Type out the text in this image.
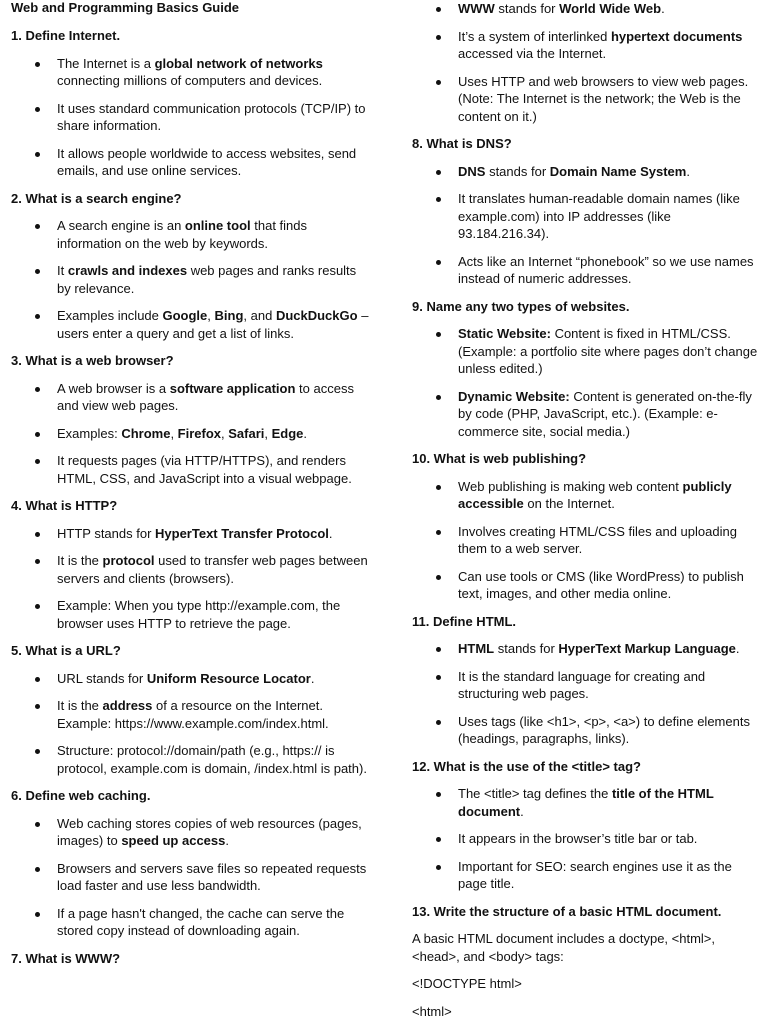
Web and Programming Basics Guide

1. Define Internet.

The Internet is a global network of networks connecting millions of computers and devices.
It uses standard communication protocols (TCP/IP) to share information.
It allows people worldwide to access websites, send emails, and use online services.

2. What is a search engine?

A search engine is an online tool that finds information on the web by keywords.
It crawls and indexes web pages and ranks results by relevance.
Examples include Google, Bing, and DuckDuckGo – users enter a query and get a list of links.

3. What is a web browser?

A web browser is a software application to access and view web pages.
Examples: Chrome, Firefox, Safari, Edge.
It requests pages (via HTTP/HTTPS), and renders HTML, CSS, and JavaScript into a visual webpage.

4. What is HTTP?

HTTP stands for HyperText Transfer Protocol.
It is the protocol used to transfer web pages between servers and clients (browsers).
Example: When you type http://example.com, the browser uses HTTP to retrieve the page.

5. What is a URL?

URL stands for Uniform Resource Locator.
It is the address of a resource on the Internet. Example: https://www.example.com/index.html.
Structure: protocol://domain/path (e.g., https:// is protocol, example.com is domain, /index.html is path).

6. Define web caching.

Web caching stores copies of web resources (pages, images) to speed up access.
Browsers and servers save files so repeated requests load faster and use less bandwidth.
If a page hasn't changed, the cache can serve the stored copy instead of downloading again.

7. What is WWW?

WWW stands for World Wide Web.
It’s a system of interlinked hypertext documents accessed via the Internet.
Uses HTTP and web browsers to view web pages. (Note: The Internet is the network; the Web is the content on it.)

8. What is DNS?

DNS stands for Domain Name System.
It translates human-readable domain names (like example.com) into IP addresses (like 93.184.216.34).
Acts like an Internet “phonebook” so we use names instead of numeric addresses.

9. Name any two types of websites.

Static Website: Content is fixed in HTML/CSS. (Example: a portfolio site where pages don’t change unless edited.)
Dynamic Website: Content is generated on-the-fly by code (PHP, JavaScript, etc.). (Example: e-commerce site, social media.)

10. What is web publishing?

Web publishing is making web content publicly accessible on the Internet.
Involves creating HTML/CSS files and uploading them to a web server.
Can use tools or CMS (like WordPress) to publish text, images, and other media online.

11. Define HTML.

HTML stands for HyperText Markup Language.
It is the standard language for creating and structuring web pages.
Uses tags (like <h1>, <p>, <a>) to define elements (headings, paragraphs, links).

12. What is the use of the <title> tag?

The <title> tag defines the title of the HTML document.
It appears in the browser’s title bar or tab.
Important for SEO: search engines use it as the page title.

13. Write the structure of a basic HTML document.

A basic HTML document includes a doctype, <html>, <head>, and <body> tags:

<!DOCTYPE html>

<html>
